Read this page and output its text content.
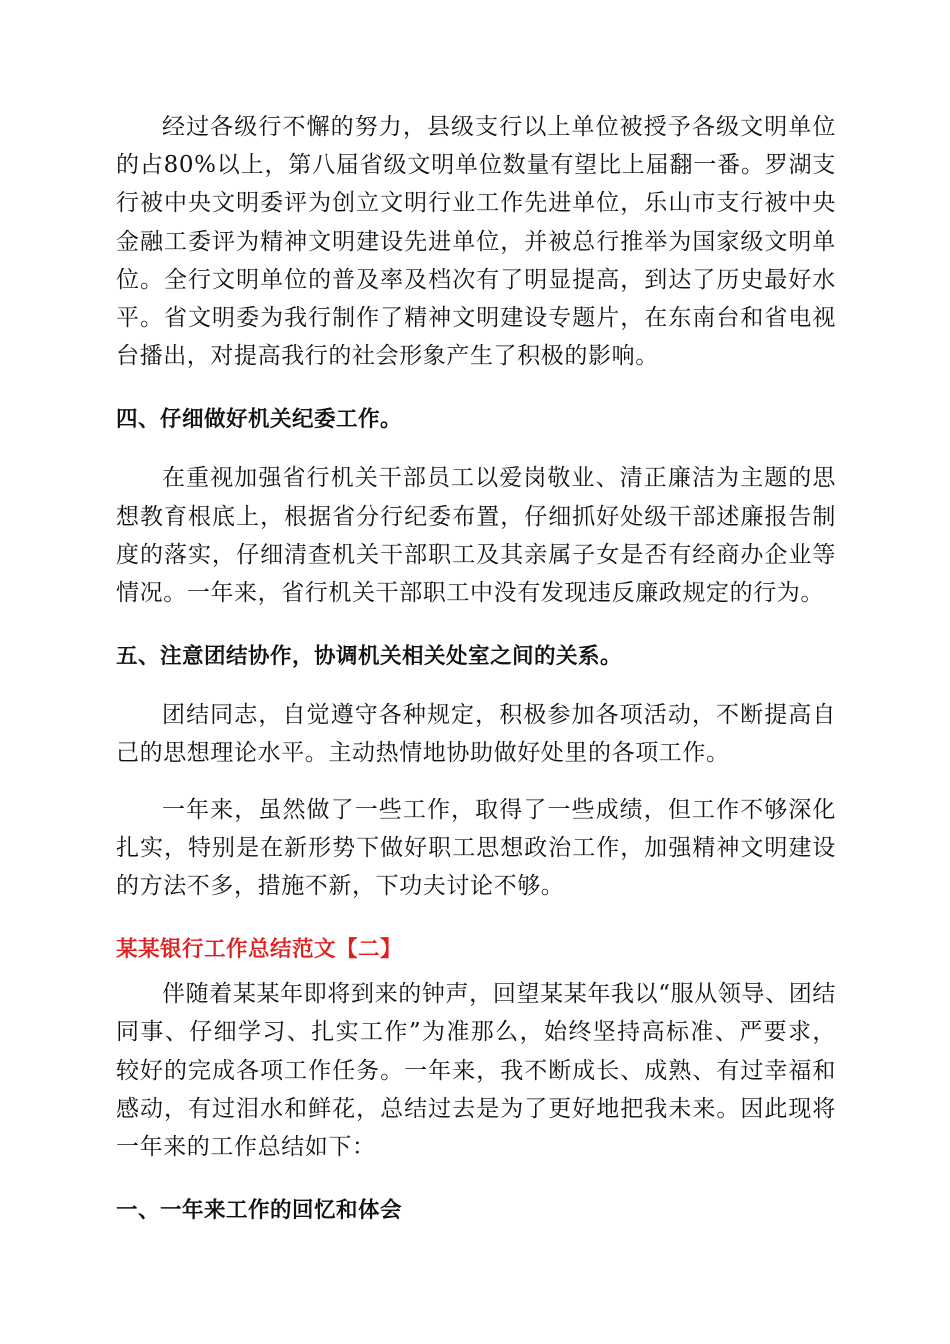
经过各级行不懈的努力，县级支行以上单位被授予各级文明单位的占80%以上，第八届省级文明单位数量有望比上届翻一番。罗湖支行被中央文明委评为创立文明行业工作先进单位，乐山市支行被中央金融工委评为精神文明建设先进单位，并被总行推举为国家级文明单位。全行文明单位的普及率及档次有了明显提高，到达了历史最好水平。省文明委为我行制作了精神文明建设专题片，在东南台和省电视台播出，对提高我行的社会形象产生了积极的影响。

四、仔细做好机关纪委工作。

在重视加强省行机关干部员工以爱岗敬业、清正廉洁为主题的思想教育根底上，根据省分行纪委布置，仔细抓好处级干部述廉报告制度的落实，仔细清查机关干部职工及其亲属子女是否有经商办企业等情况。一年来，省行机关干部职工中没有发现违反廉政规定的行为。

五、注意团结协作，协调机关相关处室之间的关系。

团结同志，自觉遵守各种规定，积极参加各项活动，不断提高自己的思想理论水平。主动热情地协助做好处里的各项工作。

一年来，虽然做了一些工作，取得了一些成绩，但工作不够深化扎实，特别是在新形势下做好职工思想政治工作，加强精神文明建设的方法不多，措施不新，下功夫讨论不够。

某某银行工作总结范文【二】

伴随着某某年即将到来的钟声，回望某某年我以“服从领导、团结同事、仔细学习、扎实工作”为准那么，始终坚持高标准、严要求，较好的完成各项工作任务。一年来，我不断成长、成熟、有过幸福和感动，有过泪水和鲜花，总结过去是为了更好地把我未来。因此现将一年来的工作总结如下：

一、一年来工作的回忆和体会
